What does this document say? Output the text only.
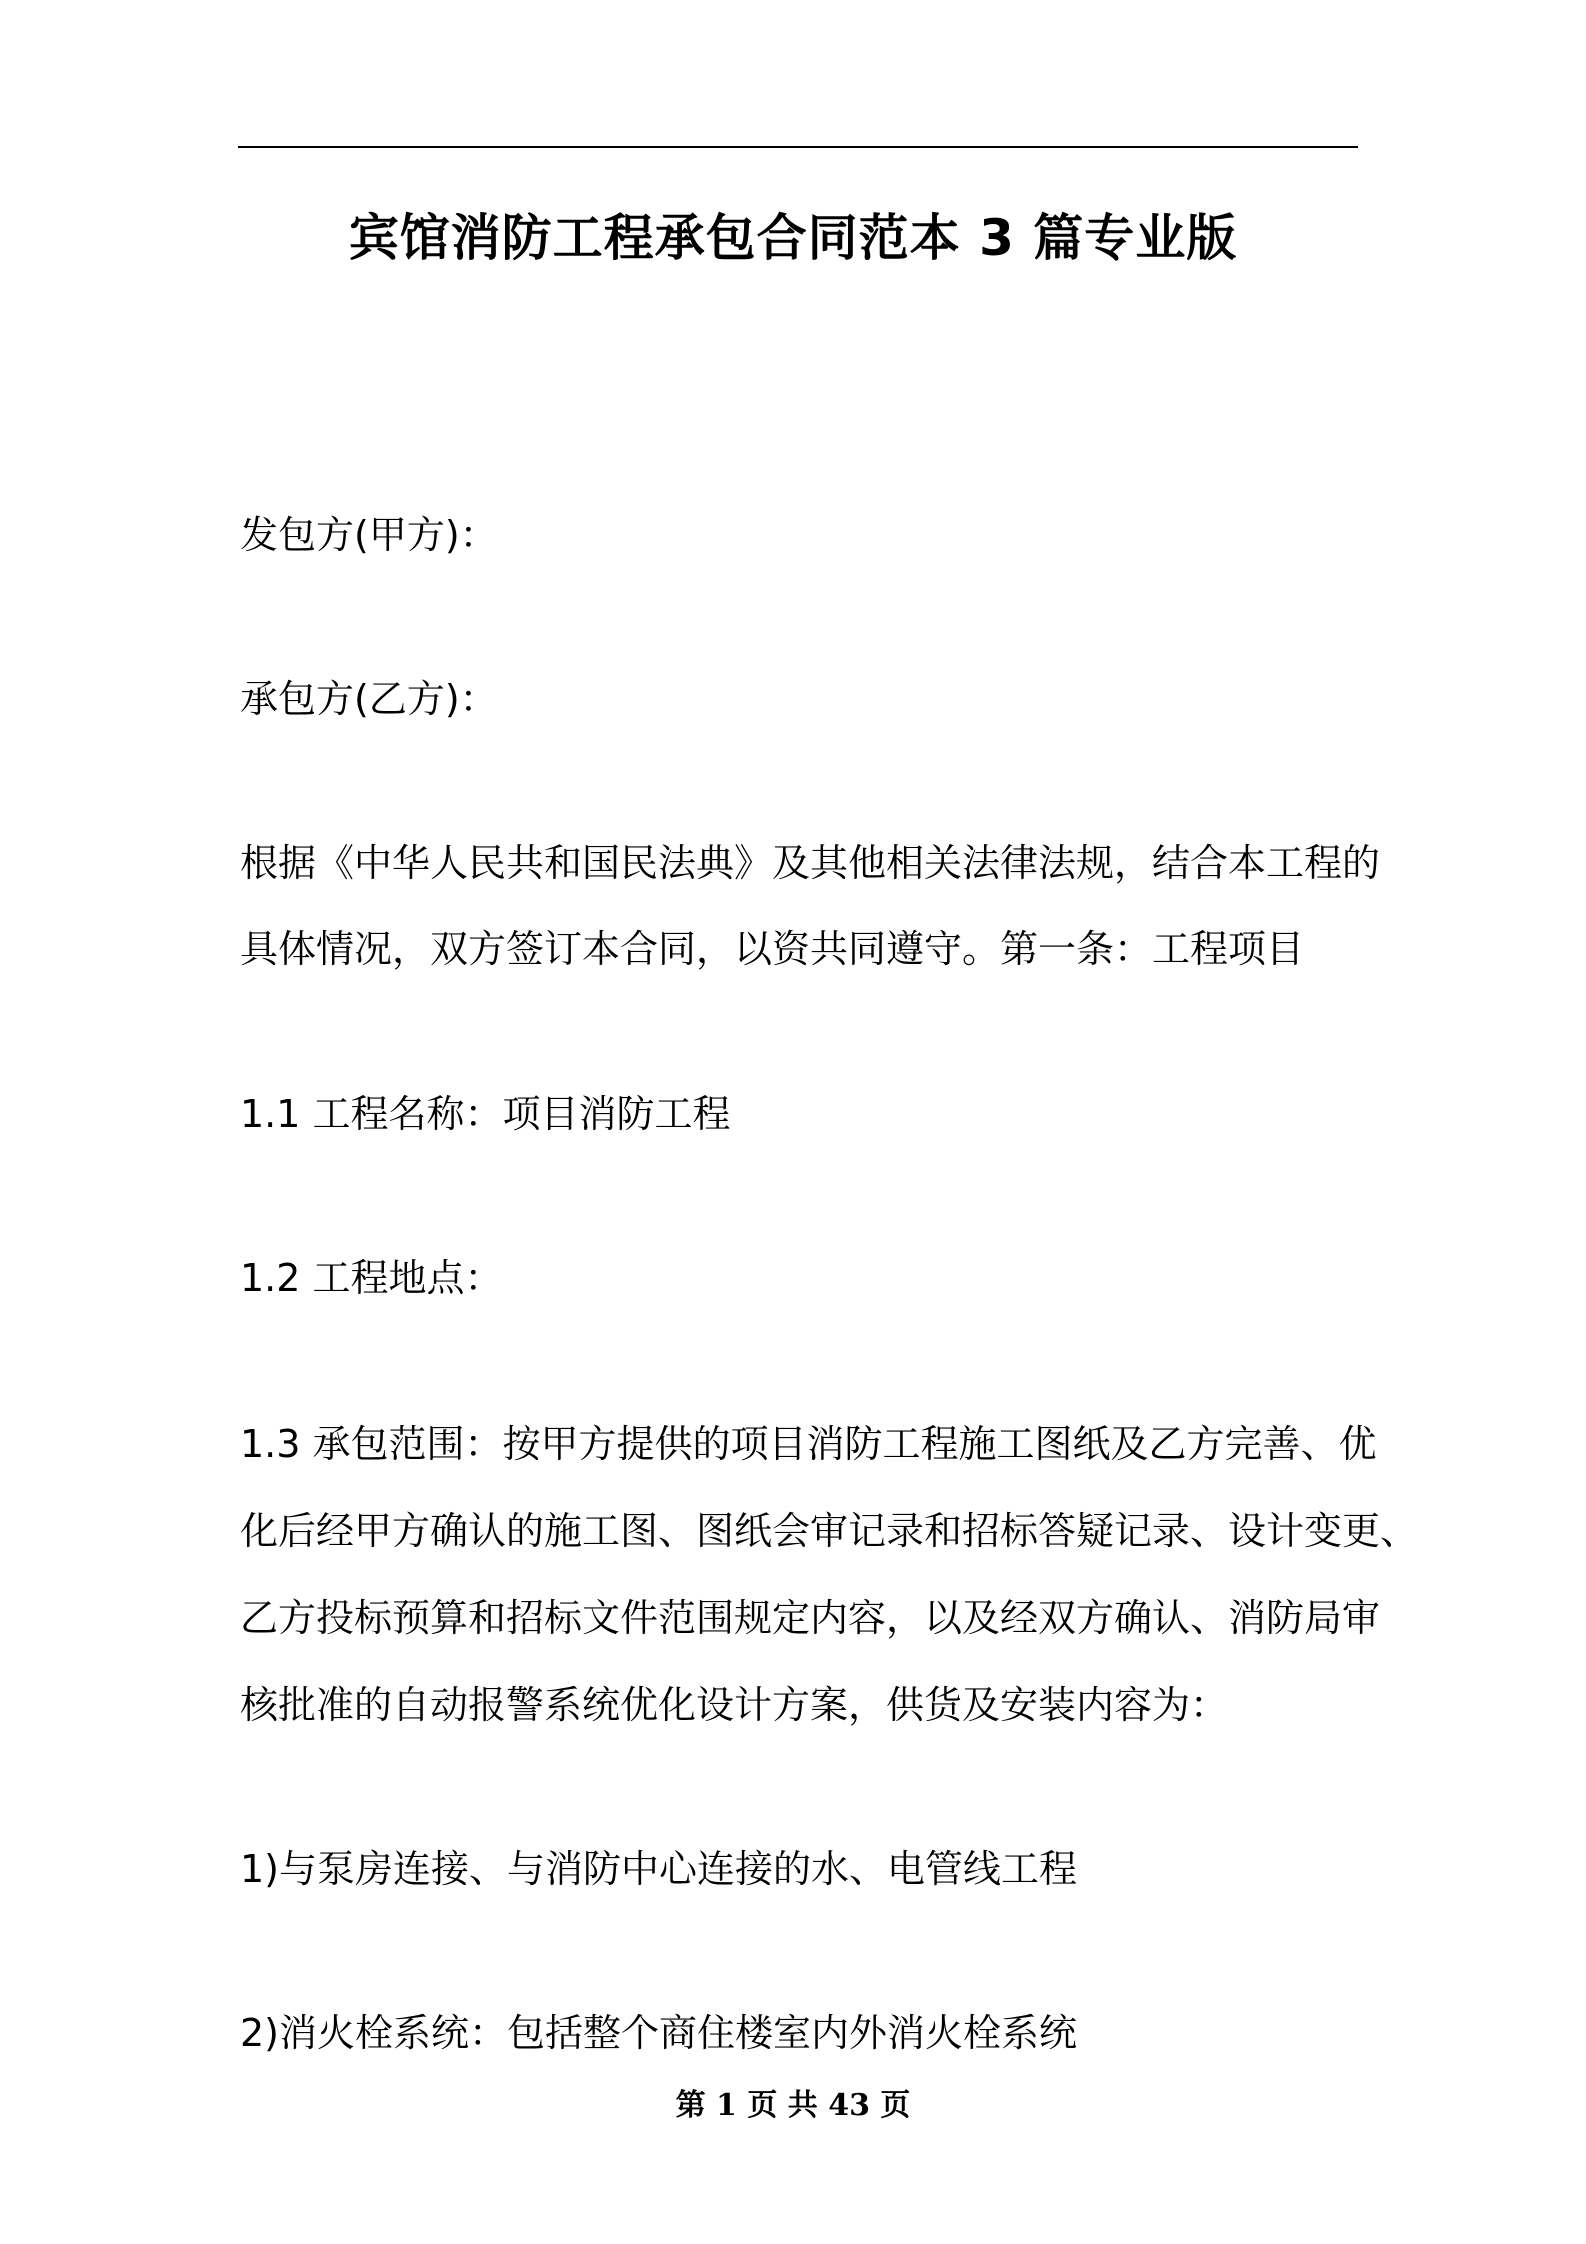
宾馆消防工程承包合同范本 3 篇专业版

发包方(甲方)：

承包方(乙方)：

根据《中华人民共和国民法典》及其他相关法律法规，结合本工程的

具体情况，双方签订本合同，以资共同遵守。第一条：工程项目

1.1 工程名称：项目消防工程

1.2 工程地点：

1.3 承包范围：按甲方提供的项目消防工程施工图纸及乙方完善、优

化后经甲方确认的施工图、图纸会审记录和招标答疑记录、设计变更、

乙方投标预算和招标文件范围规定内容，以及经双方确认、消防局审

核批准的自动报警系统优化设计方案，供货及安装内容为：

1)与泵房连接、与消防中心连接的水、电管线工程

2)消火栓系统：包括整个商住楼室内外消火栓系统

第 1 页 共 43 页
